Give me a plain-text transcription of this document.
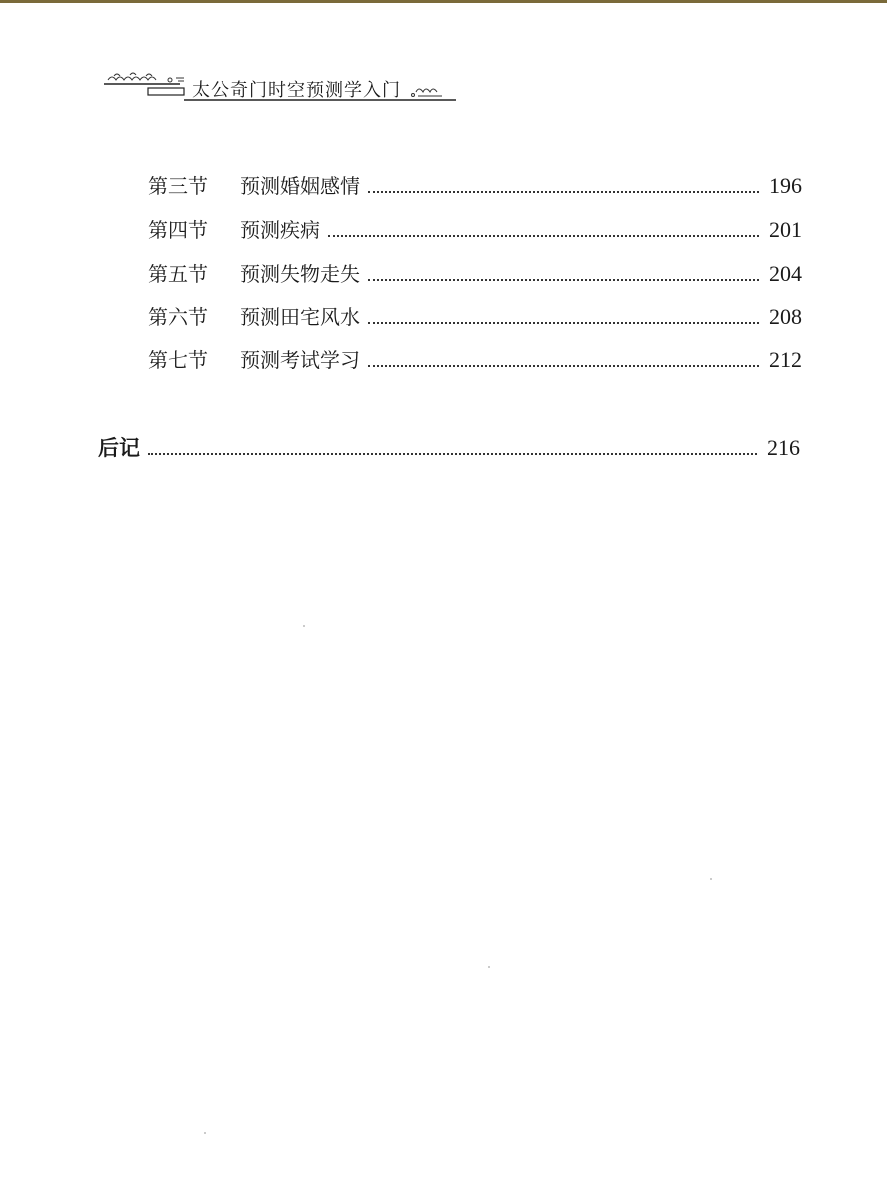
太公奇门时空预测学入门
第三节	预测婚姻感情	196
第四节	预测疾病	201
第五节	预测失物走失	204
第六节	预测田宅风水	208
第七节	预测考试学习	212
后记	216
